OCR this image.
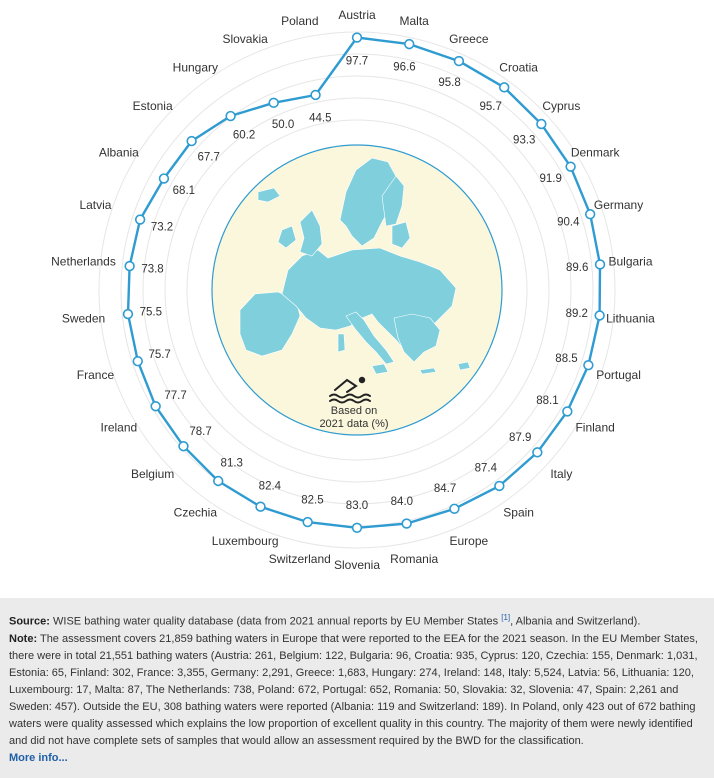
Based on
2021 data (%)
97.7
96.6
95.8
95.7
93.3
91.9
90.4
89.6
89.2
88.5
88.1
87.9
87.4
84.7
84.0
83.0
82.5
82.4
81.3
78.7
77.7
75.7
75.5
73.8
73.2
68.1
67.7
60.2
50.0
44.5
Austria Malta
Greece
Croatia
Cyprus
Denmark
Germany
Bulgaria
Lithuania
Portugal
Finland
Italy
Spain
Europe
Romania
Slovenia
Switzerland
Luxembourg
Czechia
Belgium
Ireland
France
Sweden
Netherlands
Latvia
Albania
Estonia
Hungary
Slovakia
Poland

Source: WISE bathing water quality database (data from 2021 annual reports by EU Member States [1], Albania and Switzerland).

Note: The assessment covers 21,859 bathing waters in Europe that were reported to the EEA for the 2021 season. In the EU Member States, there were in total 21,551 bathing waters (Austria: 261, Belgium: 122, Bulgaria: 96, Croatia: 935, Cyprus: 120, Czechia: 155, Denmark: 1,031, Estonia: 65, Finland: 302, France: 3,355, Germany: 2,291, Greece: 1,683, Hungary: 274, Ireland: 148, Italy: 5,524, Latvia: 56, Lithuania: 120, Luxembourg: 17, Malta: 87, The Netherlands: 738, Poland: 672, Portugal: 652, Romania: 50, Slovakia: 32, Slovenia: 47, Spain: 2,261 and Sweden: 457). Outside the EU, 308 bathing waters were reported (Albania: 119 and Switzerland: 189). In Poland, only 423 out of 672 bathing waters were quality assessed which explains the low proportion of excellent quality in this country. The majority of them were newly identified and did not have complete sets of samples that would allow an assessment required by the BWD for the classification.

More info...
